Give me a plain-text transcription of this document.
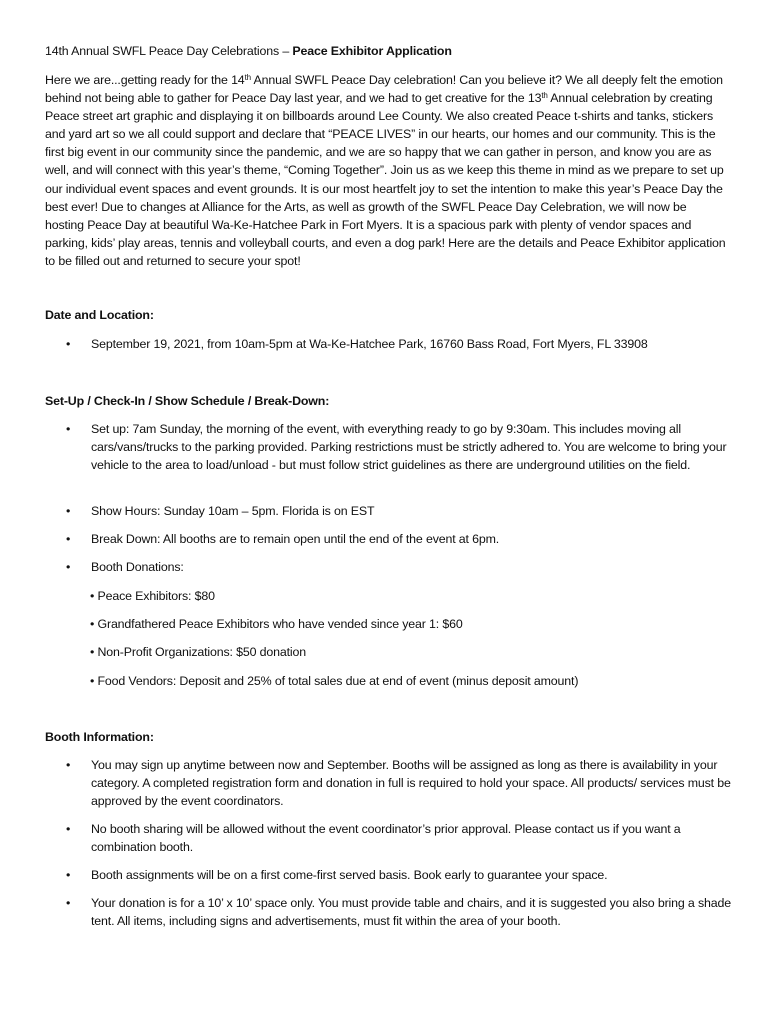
14th Annual SWFL Peace Day Celebrations – Peace Exhibitor Application

Here we are...getting ready for the 14th Annual SWFL Peace Day celebration! Can you believe it? We all deeply felt the emotion behind not being able to gather for Peace Day last year, and we had to get creative for the 13th Annual celebration by creating Peace street art graphic and displaying it on billboards around Lee County. We also created Peace t-shirts and tanks, stickers and yard art so we all could support and declare that “PEACE LIVES” in our hearts, our homes and our community. This is the first big event in our community since the pandemic, and we are so happy that we can gather in person, and know you are as well, and will connect with this year’s theme, “Coming Together”. Join us as we keep this theme in mind as we prepare to set up our individual event spaces and event grounds. It is our most heartfelt joy to set the intention to make this year’s Peace Day the best ever! Due to changes at Alliance for the Arts, as well as growth of the SWFL Peace Day Celebration, we will now be hosting Peace Day at beautiful Wa-Ke-Hatchee Park in Fort Myers. It is a spacious park with plenty of vendor spaces and parking, kids’ play areas, tennis and volleyball courts, and even a dog park! Here are the details and Peace Exhibitor application to be filled out and returned to secure your spot!

Date and Location:
• September 19, 2021, from 10am-5pm at Wa-Ke-Hatchee Park, 16760 Bass Road, Fort Myers, FL 33908
Set-Up / Check-In / Show Schedule / Break-Down:
• Set up: 7am Sunday, the morning of the event, with everything ready to go by 9:30am. This includes moving all cars/vans/trucks to the parking provided. Parking restrictions must be strictly adhered to. You are welcome to bring your vehicle to the area to load/unload - but must follow strict guidelines as there are underground utilities on the field.
• Show Hours: Sunday 10am – 5pm. Florida is on EST
• Break Down: All booths are to remain open until the end of the event at 6pm.
• Booth Donations:
• Peace Exhibitors: $80
• Grandfathered Peace Exhibitors who have vended since year 1: $60
• Non-Profit Organizations: $50 donation
• Food Vendors: Deposit and 25% of total sales due at end of event (minus deposit amount)
Booth Information:
• You may sign up anytime between now and September. Booths will be assigned as long as there is availability in your category. A completed registration form and donation in full is required to hold your space. All products/ services must be approved by the event coordinators.
• No booth sharing will be allowed without the event coordinator’s prior approval. Please contact us if you want a combination booth.
• Booth assignments will be on a first come-first served basis. Book early to guarantee your space.
• Your donation is for a 10’ x 10’ space only. You must provide table and chairs, and it is suggested you also bring a shade tent. All items, including signs and advertisements, must fit within the area of your booth.
